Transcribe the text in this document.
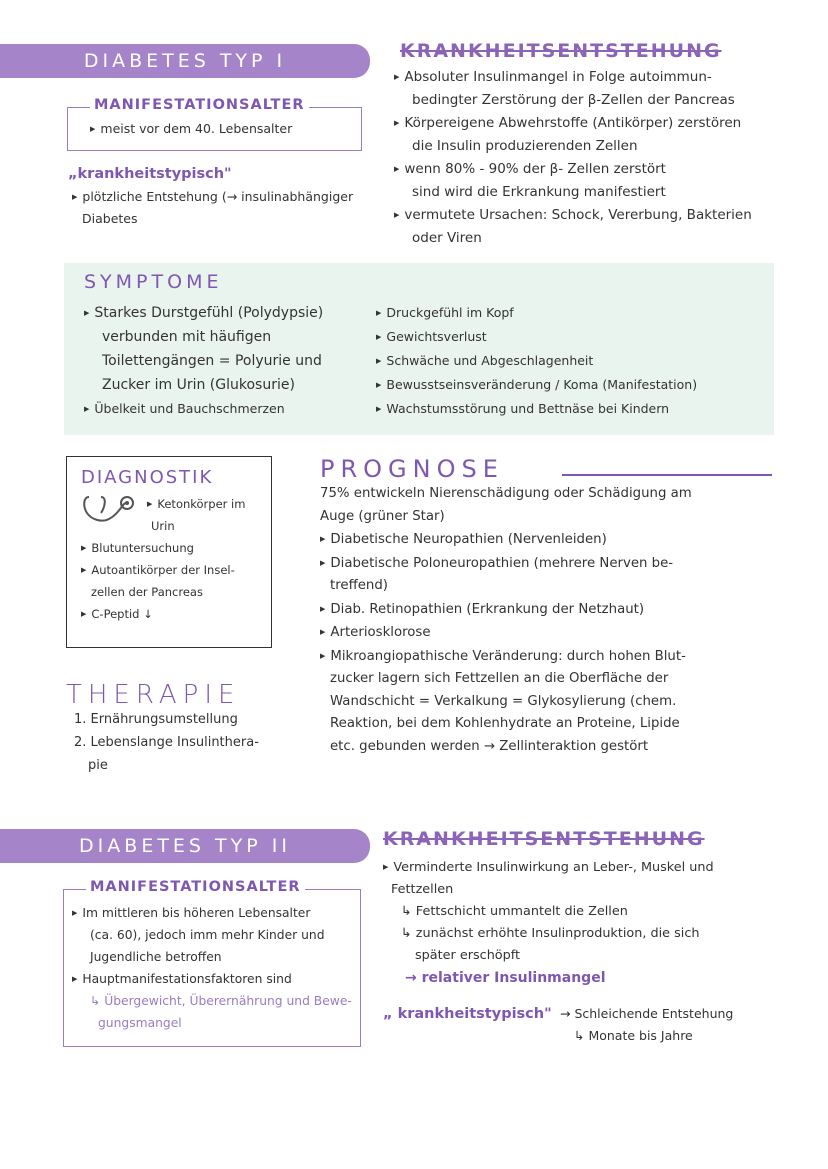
DIABETES TYP I
MANIFESTATIONSALTER
▶ meist vor dem 40. Lebensalter
„krankheitstypisch"
▶ plötzliche Entstehung (→ insulinabhängiger
Diabetes
KRANKHEITSENTSTEHUNG
▶ Absoluter Insulinmangel in Folge autoimmun-
bedingter Zerstörung der β-Zellen der Pancreas
▶ Körpereigene Abwehrstoffe (Antikörper) zerstören
die Insulin produzierenden Zellen
▶ wenn 80% - 90% der β- Zellen zerstört
sind wird die Erkrankung manifestiert
▶ vermutete Ursachen: Schock, Vererbung, Bakterien
oder Viren
SYMPTOME
▶ Starkes Durstgefühl (Polydypsie)
verbunden mit häufigen
Toilettengängen = Polyurie und
Zucker im Urin (Glukosurie)
▶ Übelkeit und Bauchschmerzen
▶ Druckgefühl im Kopf
▶ Gewichtsverlust
▶ Schwäche und Abgeschlagenheit
▶ Bewusstseinsveränderung / Koma (Manifestation)
▶ Wachstumsstörung und Bettnäse bei Kindern
DIAGNOSTIK
▶ Ketonkörper im
Urin
▶ Blutuntersuchung
▶ Autoantikörper der Insel-
zellen der Pancreas
▶ C-Peptid ↓
THERAPIE
1. Ernährungsumstellung
2. Lebenslange Insulinthera-
pie
PROGNOSE
75% entwickeln Nierenschädigung oder Schädigung am
Auge (grüner Star)
▶ Diabetische Neuropathien (Nervenleiden)
▶ Diabetische Poloneuropathien (mehrere Nerven be-
treffend)
▶ Diab. Retinopathien (Erkrankung der Netzhaut)
▶ Arteriosklorose
▶ Mikroangiopathische Veränderung: durch hohen Blut-
zucker lagern sich Fettzellen an die Oberfläche der
Wandschicht = Verkalkung = Glykosylierung (chem.
Reaktion, bei dem Kohlenhydrate an Proteine, Lipide
etc. gebunden werden → Zellinteraktion gestört
DIABETES TYP II
MANIFESTATIONSALTER
▶ Im mittleren bis höheren Lebensalter
(ca. 60), jedoch imm mehr Kinder und
Jugendliche betroffen
▶ Hauptmanifestationsfaktoren sind
↳ Übergewicht, Überernährung und Bewe-
gungsmangel
KRANKHEITSENTSTEHUNG
▶ Verminderte Insulinwirkung an Leber-, Muskel und
Fettzellen
↳ Fettschicht ummantelt die Zellen
↳ zunächst erhöhte Insulinproduktion, die sich
später erschöpft
→ relativer Insulinmangel
„ krankheitstypisch" → Schleichende Entstehung
↳ Monate bis Jahre
